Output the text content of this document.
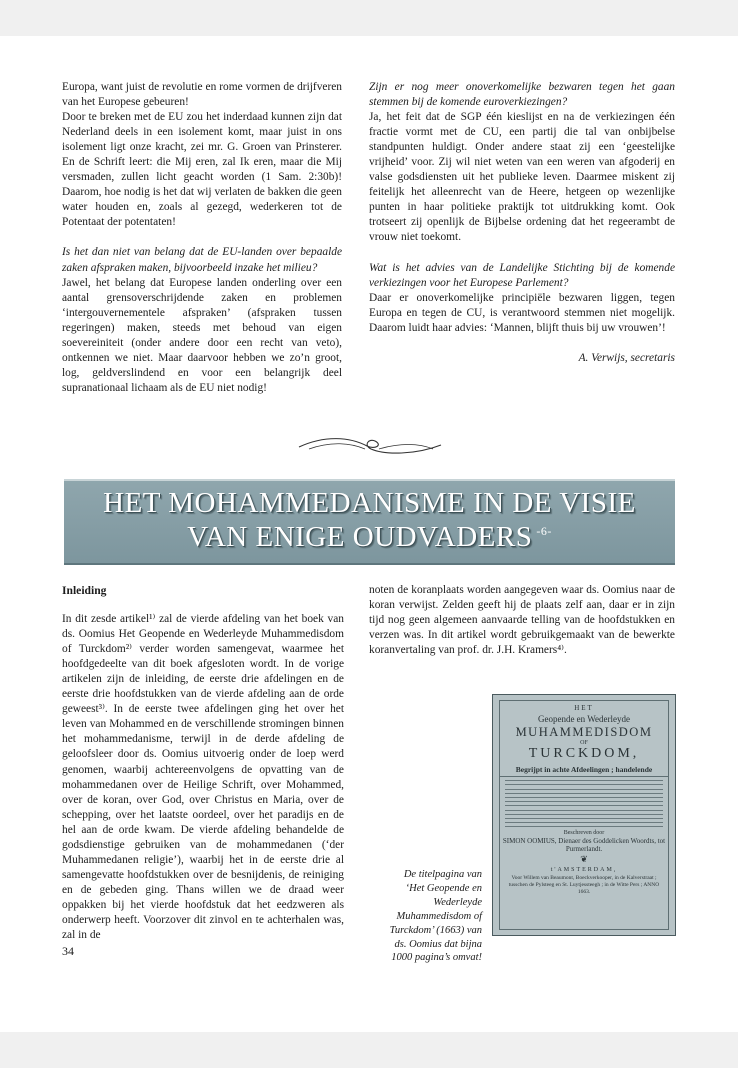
Europa, want juist de revolutie en rome vormen de drijfveren van het Europese gebeuren!

Door te breken met de EU zou het inderdaad kunnen zijn dat Nederland deels in een isolement komt, maar juist in ons isolement ligt onze kracht, zei mr. G. Groen van Prinsterer. En de Schrift leert: die Mij eren, zal Ik eren, maar die Mij versmaden, zullen licht geacht worden (1 Sam. 2:30b)! Daarom, hoe nodig is het dat wij verlaten de bakken die geen water houden en, zoals al gezegd, wederkeren tot de Potentaat der potentaten!

Is het dan niet van belang dat de EU-landen over bepaalde zaken afspraken maken, bijvoorbeeld inzake het milieu?

Jawel, het belang dat Europese landen onderling over een aantal grensoverschrijdende zaken en problemen ‘intergouvernementele afspraken’ (afspraken tussen regeringen) maken, steeds met behoud van eigen soevereiniteit (onder andere door een recht van veto), ontkennen we niet. Maar daarvoor hebben we zo’n groot, log, geldverslindend en voor een belangrijk deel supranationaal lichaam als de EU niet nodig!

Zijn er nog meer onoverkomelijke bezwaren tegen het gaan stemmen bij de komende euroverkiezingen?

Ja, het feit dat de SGP één kieslijst en na de verkiezingen één fractie vormt met de CU, een partij die tal van onbijbelse standpunten huldigt. Onder andere staat zij een ‘geestelijke vrijheid’ voor. Zij wil niet weten van een weren van afgoderij en valse godsdiensten uit het publieke leven. Daarmee miskent zij feitelijk het alleenrecht van de Heere, hetgeen op wezenlijke punten in haar politieke praktijk tot uitdrukking komt. Ook trotseert zij openlijk de Bijbelse ordening dat het regeerambt de vrouw niet toekomt.

Wat is het advies van de Landelijke Stichting bij de komende verkiezingen voor het Europese Parlement?

Daar er onoverkomelijke principiële bezwaren liggen, tegen Europa en tegen de CU, is verantwoord stemmen niet mogelijk. Daarom luidt haar advies: ‘Mannen, blijft thuis bij uw vrouwen’!

A. Verwijs, secretaris

HET MOHAMMEDANISME IN DE VISIE
VAN ENIGE OUDVADERS $^{-6-}$
Inleiding

In dit zesde artikel¹⁾ zal de vierde afdeling van het boek van ds. Oomius Het Geopende en Wederleyde Muhammedisdom of Turckdom²⁾ verder worden samengevat, waarmee het hoofdgedeelte van dit boek afgesloten wordt. In de vorige artikelen zijn de inleiding, de eerste drie afdelingen en de eerste drie hoofdstukken van de vierde afdeling aan de orde geweest³⁾. In de eerste twee afdelingen ging het over het leven van Mohammed en de verschillende stromingen binnen het mohammedanisme, terwijl in de derde afdeling de geloofsleer door ds. Oomius uitvoerig onder de loep werd genomen, waarbij achtereenvolgens de opvatting van de mohammedanen over de Heilige Schrift, over Mohammed, over de koran, over God, over Christus en Maria, over de schepping, over het laatste oordeel, over het paradijs en de hel aan de orde kwam. De vierde afdeling behandelde de godsdienstige gebruiken van de mohammedanen (‘der Muhammedanen religie’), waarbij het in de eerste drie al samengevatte hoofdstukken over de besnijdenis, de reiniging en de gebeden ging. Thans willen we de draad weer oppakken bij het vierde hoofdstuk dat het eedzweren als onderwerp heeft. Voorzover dit zinvol en te achterhalen was, zal in de

noten de koranplaats worden aangegeven waar ds. Oomius naar de koran verwijst. Zelden geeft hij de plaats zelf aan, daar er in zijn tijd nog geen algemeen aanvaarde telling van de hoofdstukken en verzen was. In dit artikel wordt gebruikgemaakt van de bewerkte koranvertaling van prof. dr. J.H. Kramers⁴⁾.

HET
Geopende en Wederleyde
MUHAMMEDISDOM
OF
TURCKDOM,
Begrijpt in achte Afdeelingen ; handelende
Beschreven door
SIMON OOMIUS, Dienaer des Goddelicken Woordts, tot Purmerlandt.
❦
t'AMSTERDAM,
Voor Willem van Beaumont, Boeckverkooper, in de Kalverstraat ; tusschen de Pylsteeg en St. Luytjessteegh ; in de Witte Pers ; ANNO 1663.
De titelpagina van ‘Het Geopende en Wederleyde Muhammedisdom of Turckdom’ (1663) van ds. Oomius dat bijna 1000 pagina’s omvat!
34
